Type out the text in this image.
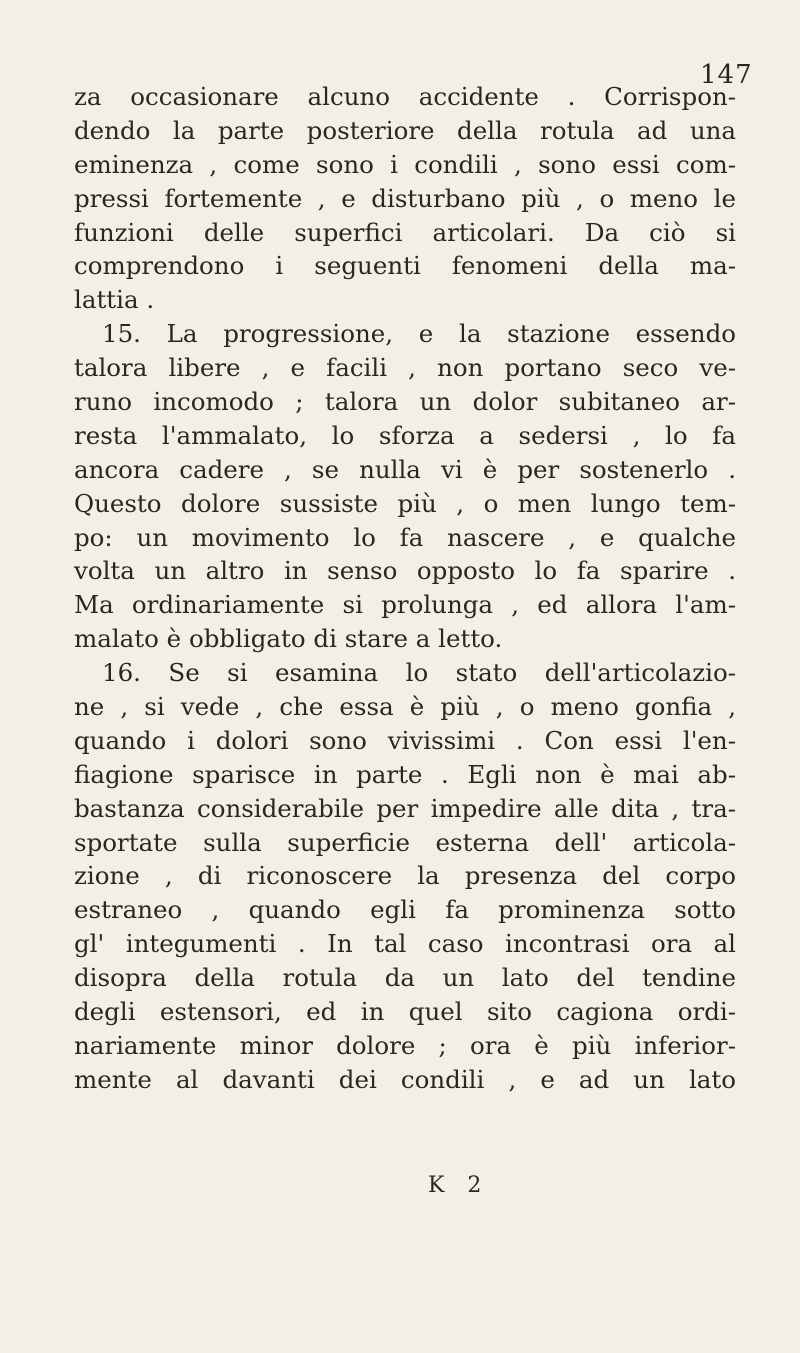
147
za occasionare alcuno accidente . Corrispon-
dendo la parte posteriore della rotula ad una
eminenza , come sono i condili , sono essi com-
pressi fortemente , e disturbano più , o meno le
funzioni delle superfici articolari. Da ciò si
comprendono i seguenti fenomeni della ma-
lattia .
15. La progressione, e la stazione essendo
talora libere , e facili , non portano seco ve-
runo incomodo ; talora un dolor subitaneo ar-
resta l'ammalato, lo sforza a sedersi , lo fa
ancora cadere , se nulla vi è per sostenerlo .
Questo dolore sussiste più , o men lungo tem-
po: un movimento lo fa nascere , e qualche
volta un altro in senso opposto lo fa sparire .
Ma ordinariamente si prolunga , ed allora l'am-
malato è obbligato di stare a letto.
16. Se si esamina lo stato dell'articolazio-
ne , si vede , che essa è più , o meno gonfia ,
quando i dolori sono vivissimi . Con essi l'en-
fiagione sparisce in parte . Egli non è mai ab-
bastanza considerabile per impedire alle dita , tra-
sportate sulla superficie esterna dell' articola-
zione , di riconoscere la presenza del corpo
estraneo , quando egli fa prominenza sotto
gl' integumenti . In tal caso incontrasi ora al
disopra della rotula da un lato del tendine
degli estensori, ed in quel sito cagiona ordi-
nariamente minor dolore ; ora è più inferior-
mente al davanti dei condili , e ad un lato
K 2
